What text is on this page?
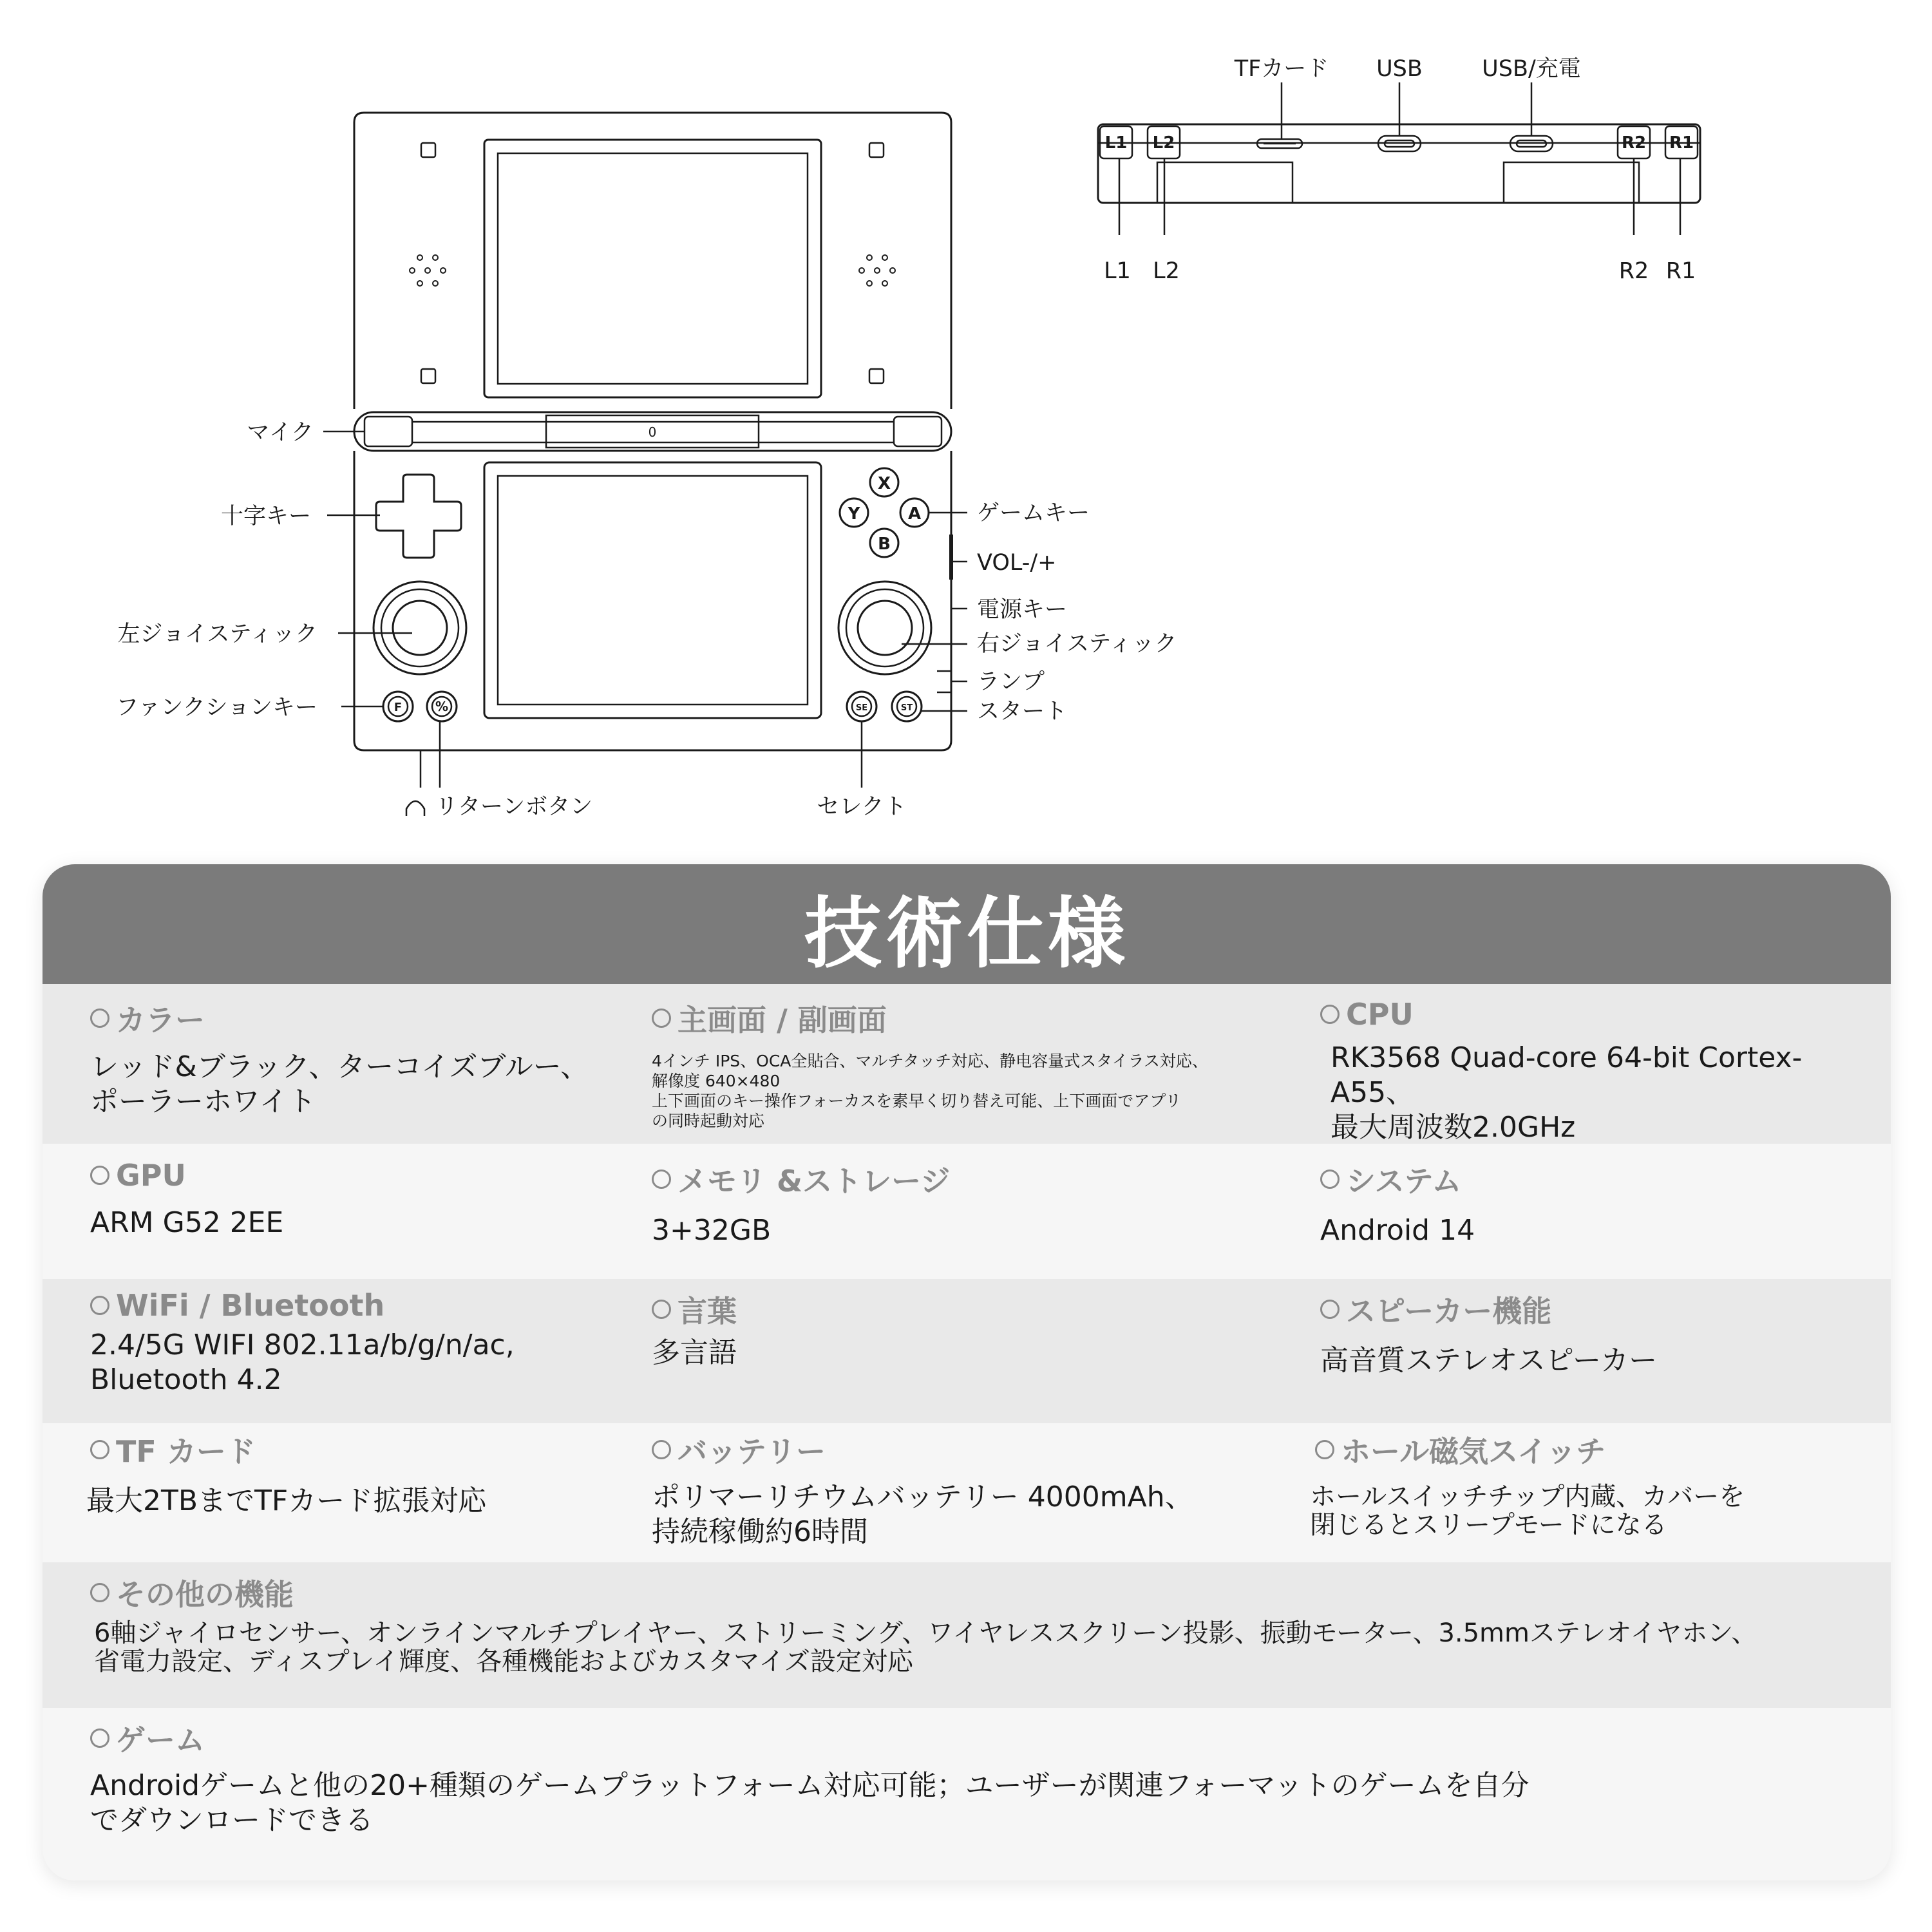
L1 L2	R2 R1
TFカード USB	USB/充電
L1 L2	R2 R1
0
X
Y	A
B
F	%	SE	ST
マイク
十字キー
左ジョイスティック
ファンクションキー
リターンボタン	セレクト
ゲームキー
VOL-/+
電源キー
右ジョイスティック
ランプ
スタート
技術仕様
カラー
レッド&ブラック、ターコイズブルー、
ポーラーホワイト
主画面 / 副画面
4インチ IPS、OCA全貼合、マルチタッチ対応、静电容量式スタイラス対応、
解像度 640×480
上下画面のキー操作フォーカスを素早く切り替え可能、上下画面でアプリ
の同時起動対応
CPU
RK3568 Quad-core 64-bit Cortex-A55、
最大周波数2.0GHz
GPU
ARM G52 2EE
メモリ &ストレージ
3+32GB
システム
Android 14
WiFi / Bluetooth
2.4/5G WIFI 802.11a/b/g/n/ac,
Bluetooth 4.2
言葉
多言語
スピーカー機能
高音質ステレオスピーカー
TF カード
最大2TBまでTFカード拡張対応
バッテリー
ポリマーリチウムバッテリー 4000mAh、
持続稼働約6時間
ホール磁気スイッチ
ホールスイッチチップ内蔵、カバーを
閉じるとスリープモードになる
その他の機能
6軸ジャイロセンサー、オンラインマルチプレイヤー、ストリーミング、ワイヤレススクリーン投影、振動モーター、3.5mmステレオイヤホン、
省電力設定、ディスプレイ輝度、各種機能およびカスタマイズ設定対応
ゲーム
Androidゲームと他の20+種類のゲームプラットフォーム対応可能；ユーザーが関連フォーマットのゲームを自分
でダウンロードできる
